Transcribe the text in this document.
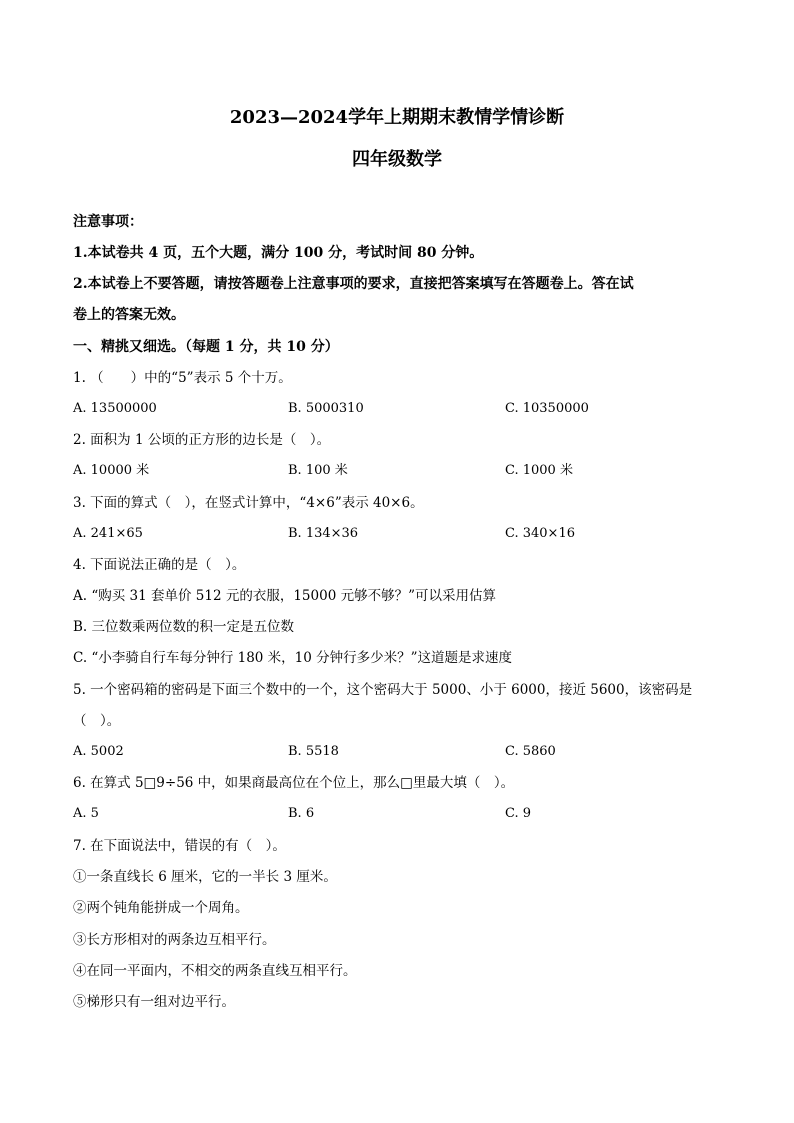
2023—2024学年上期期末教情学情诊断
四年级数学
注意事项：
1.本试卷共 4 页，五个大题，满分 100 分，考试时间 80 分钟。
2.本试卷上不要答题，请按答题卷上注意事项的要求，直接把答案填写在答题卷上。答在试
卷上的答案无效。
一、精挑又细选。（每题 1 分，共 10 分）
1. （　　）中的“5”表示 5 个十万。
A. 13500000	B. 5000310	C. 10350000
2. 面积为 1 公顷的正方形的边长是（　）。
A. 10000 米	B. 100 米	C. 1000 米
3. 下面的算式（　），在竖式计算中，“4×6”表示 40×6。
A. 241×65	B. 134×36	C. 340×16
4. 下面说法正确的是（　）。
A. “购买 31 套单价 512 元的衣服，15000 元够不够？”可以采用估算
B. 三位数乘两位数的积一定是五位数
C. “小李骑自行车每分钟行 180 米，10 分钟行多少米？”这道题是求速度
5. 一个密码箱的密码是下面三个数中的一个，这个密码大于 5000、小于 6000，接近 5600，该密码是
（　）。
A. 5002	B. 5518	C. 5860
6. 在算式 5□9÷56 中，如果商最高位在个位上，那么□里最大填（　）。
A. 5	B. 6	C. 9
7. 在下面说法中，错误的有（　）。
①一条直线长 6 厘米，它的一半长 3 厘米。
②两个钝角能拼成一个周角。
③长方形相对的两条边互相平行。
④在同一平面内，不相交的两条直线互相平行。
⑤梯形只有一组对边平行。
